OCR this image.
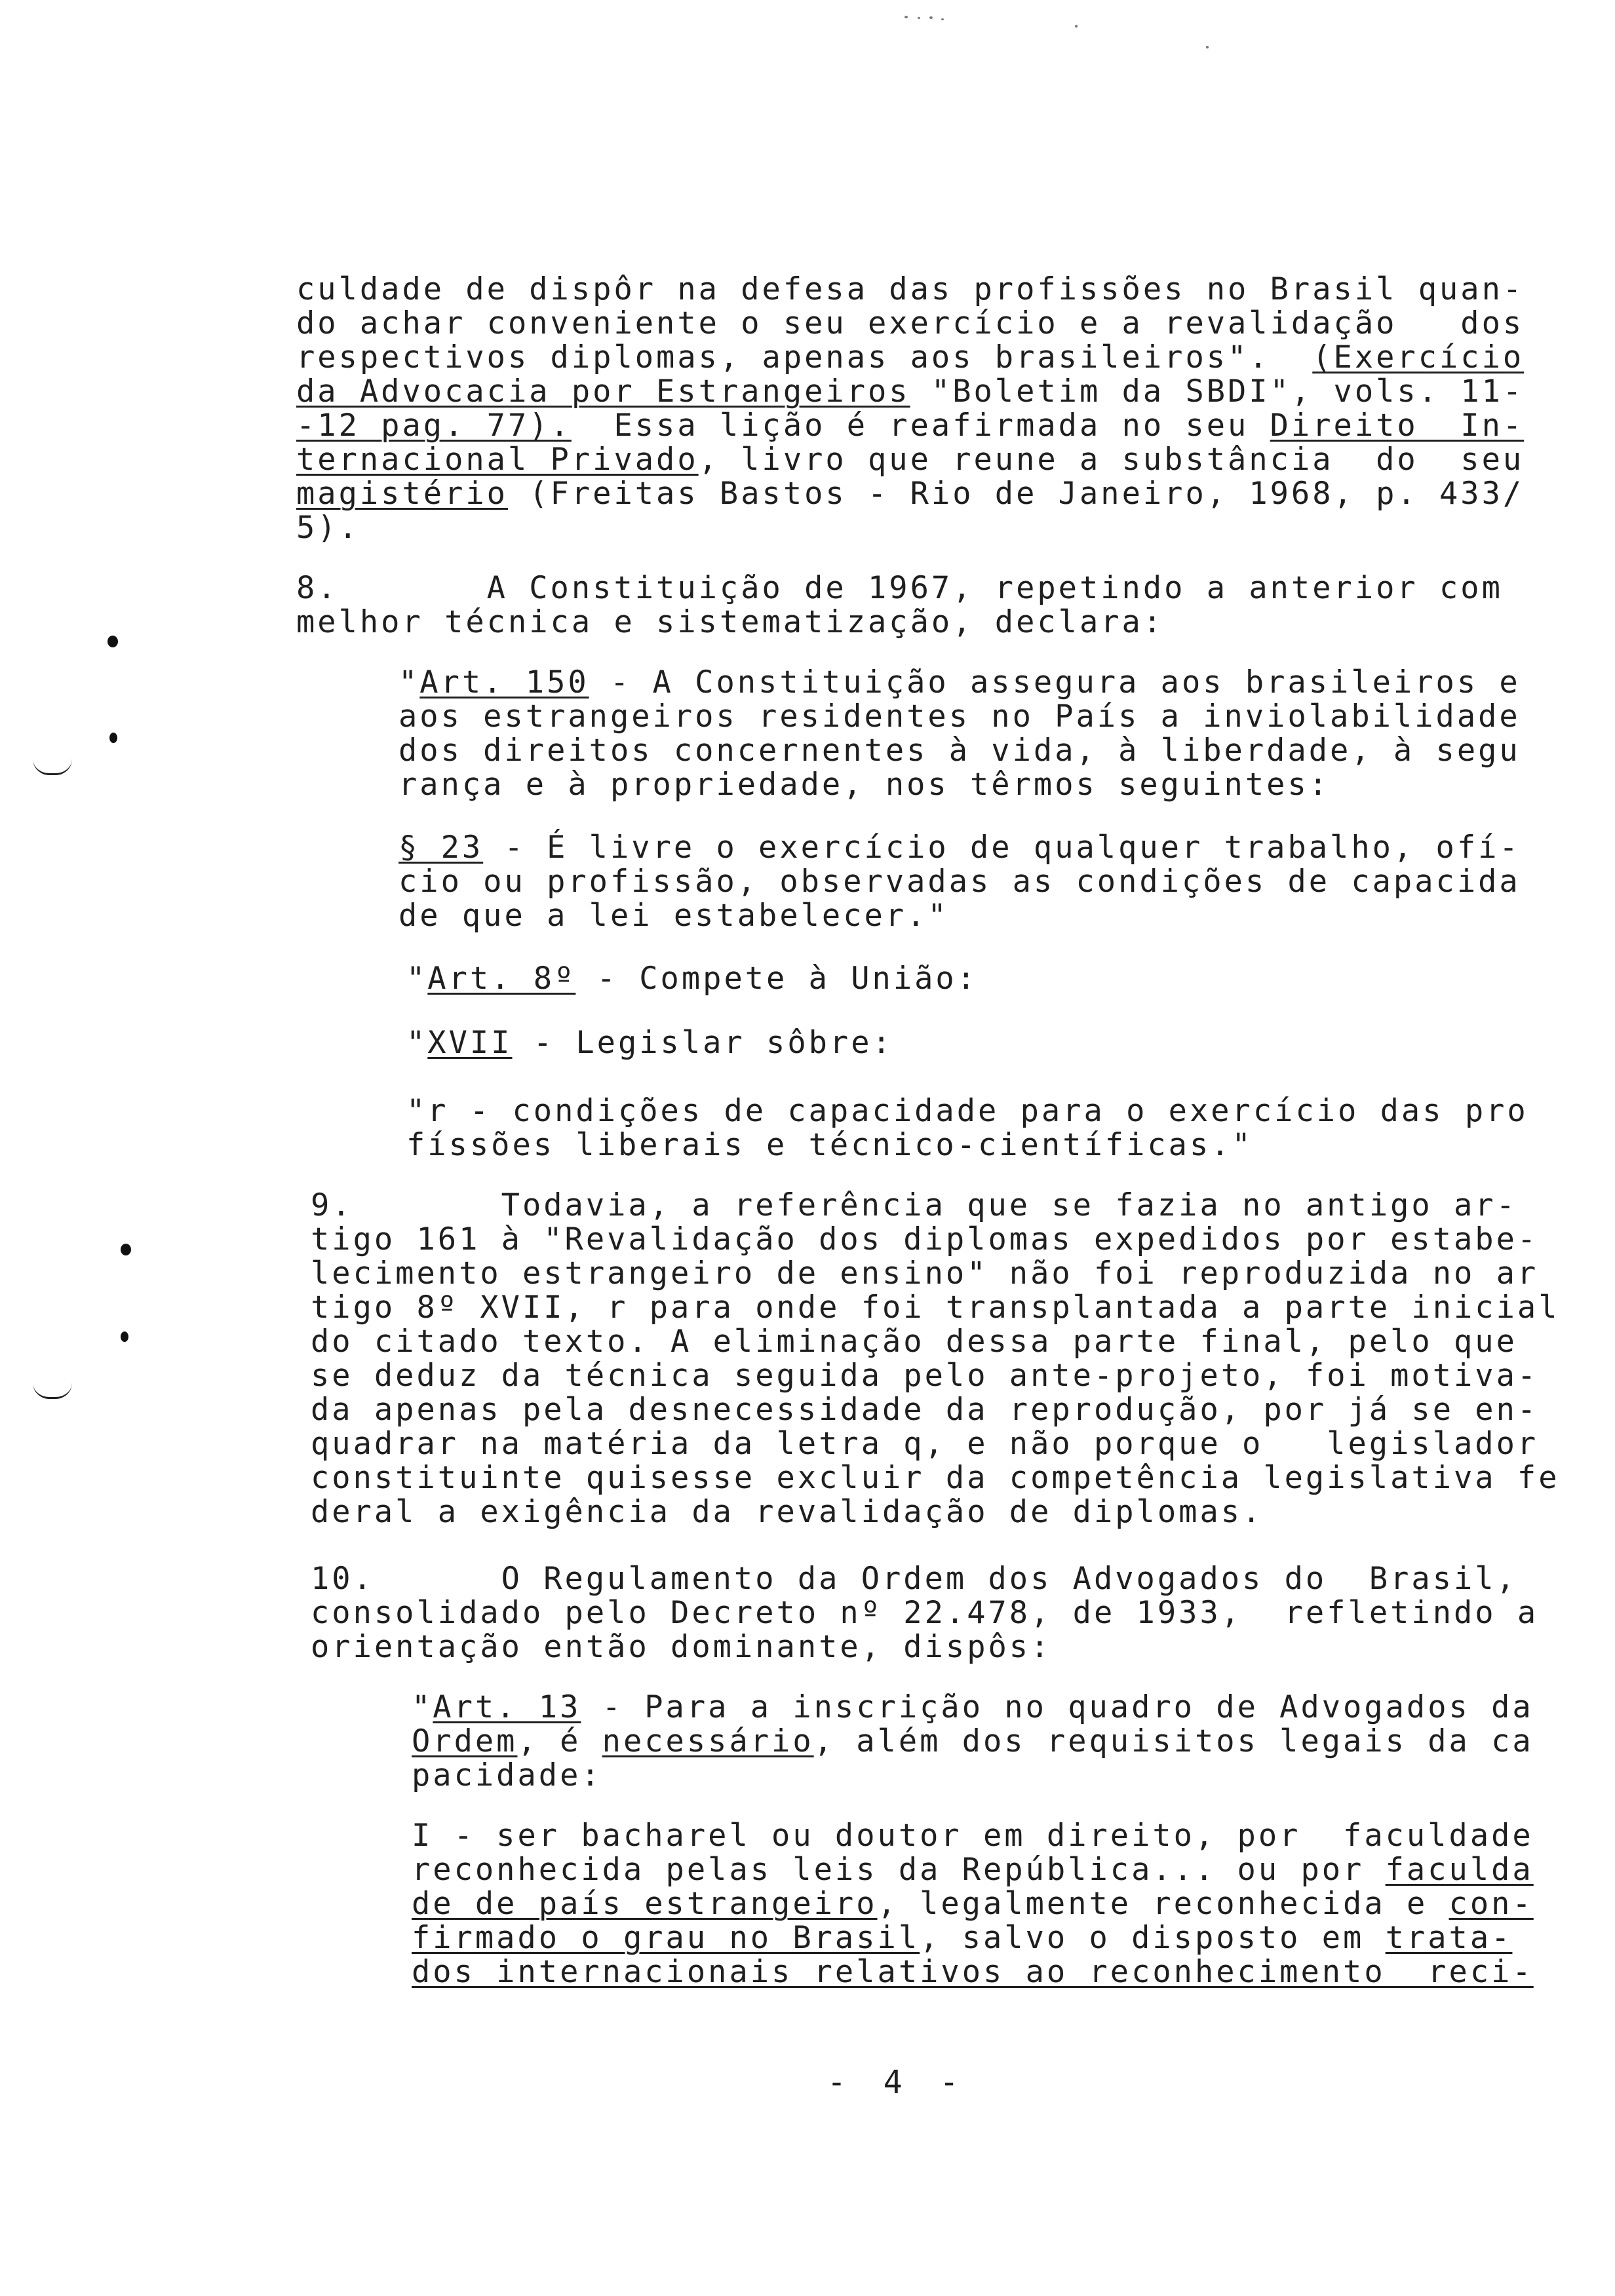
culdade de dispôr na defesa das profissões no Brasil quan-
do achar conveniente o seu exercício e a revalidação   dos
respectivos diplomas, apenas aos brasileiros".  (Exercício
da Advocacia por Estrangeiros "Boletim da SBDI", vols. 11-
-12 pag. 77).  Essa lição é reafirmada no seu Direito  In-
ternacional Privado, livro que reune a substância  do  seu
magistério (Freitas Bastos - Rio de Janeiro, 1968, p. 433/
5).
8.       A Constituição de 1967, repetindo a anterior com
melhor técnica e sistematização, declara:
"Art. 150 - A Constituição assegura aos brasileiros e
aos estrangeiros residentes no País a inviolabilidade
dos direitos concernentes à vida, à liberdade, à segu
rança e à propriedade, nos têrmos seguintes:
§ 23 - É livre o exercício de qualquer trabalho, ofí-
cio ou profissão, observadas as condições de capacida
de que a lei estabelecer."
"Art. 8º - Compete à União:
"XVII - Legislar sôbre:
"r - condições de capacidade para o exercício das pro
físsões liberais e técnico-científicas."
9.       Todavia, a referência que se fazia no antigo ar-
tigo 161 à "Revalidação dos diplomas expedidos por estabe-
lecimento estrangeiro de ensino" não foi reproduzida no ar
tigo 8º XVII, r para onde foi transplantada a parte inicial
do citado texto. A eliminação dessa parte final, pelo que
se deduz da técnica seguida pelo ante-projeto, foi motiva-
da apenas pela desnecessidade da reprodução, por já se en-
quadrar na matéria da letra q, e não porque o   legislador
constituinte quisesse excluir da competência legislativa fe
deral a exigência da revalidação de diplomas.
10.      O Regulamento da Ordem dos Advogados do  Brasil,
consolidado pelo Decreto nº 22.478, de 1933,  refletindo a
orientação então dominante, dispôs:
"Art. 13 - Para a inscrição no quadro de Advogados da
Ordem, é necessário, além dos requisitos legais da ca
pacidade:
I - ser bacharel ou doutor em direito, por  faculdade
reconhecida pelas leis da República... ou por faculda
de de país estrangeiro, legalmente reconhecida e con-
firmado o grau no Brasil, salvo o disposto em trata-
dos internacionais relativos ao reconhecimento  reci-
- 4 -
